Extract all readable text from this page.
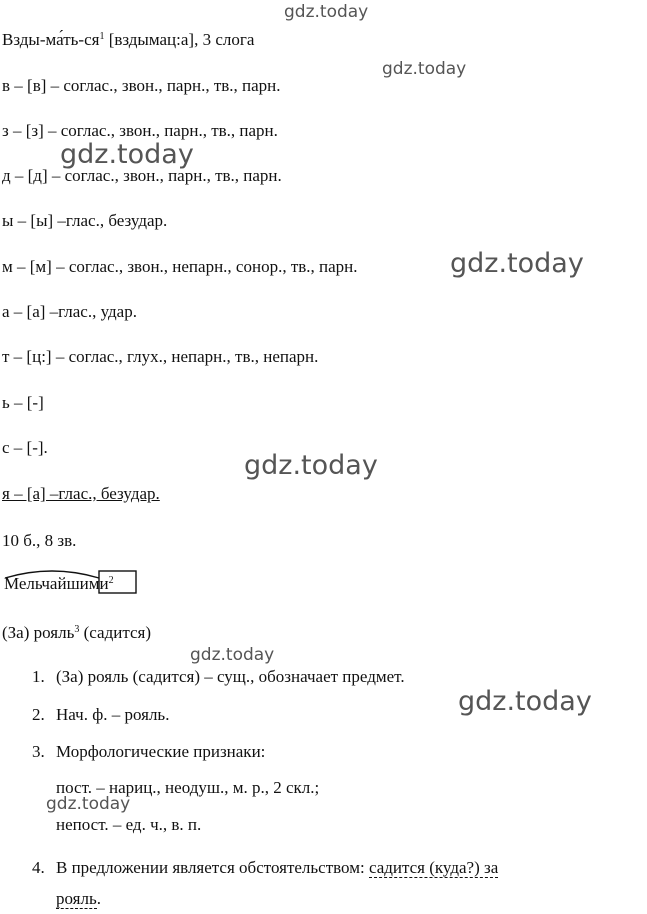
gdz.today
gdz.today
gdz.today
gdz.today
gdz.today
gdz.today
gdz.today
gdz.today
Взды-$ма́ть-ся^1$ [вздымац:а], 3 слога
в – [в] – соглас., звон., парн., тв., парн.
з – [з] – соглас., звон., парн., тв., парн.
д – [д] – соглас., звон., парн., тв., парн.
ы – [ы] –глас., безудар.
м – [м] – соглас., звон., непарн., сонор., тв., парн.
а – [а] –глас., удар.
т – [ц:] – соглас., глух., непарн., тв., непарн.
ь – [-]
с – [-].
я – [а] –глас., безудар.
10 б., 8 зв.
Мельчайшими$^2$
(За) рояль$^3$ (садится)
1. (За) рояль (садится) – сущ., обозначает предмет.
2. Нач. ф. – рояль.
3. Морфологические признаки:
пост. – нариц., неодуш., м. р., 2 скл.;
непост. – ед. ч., в. п.
4. В предложении является обстоятельством: садится (куда?) за
рояль.
